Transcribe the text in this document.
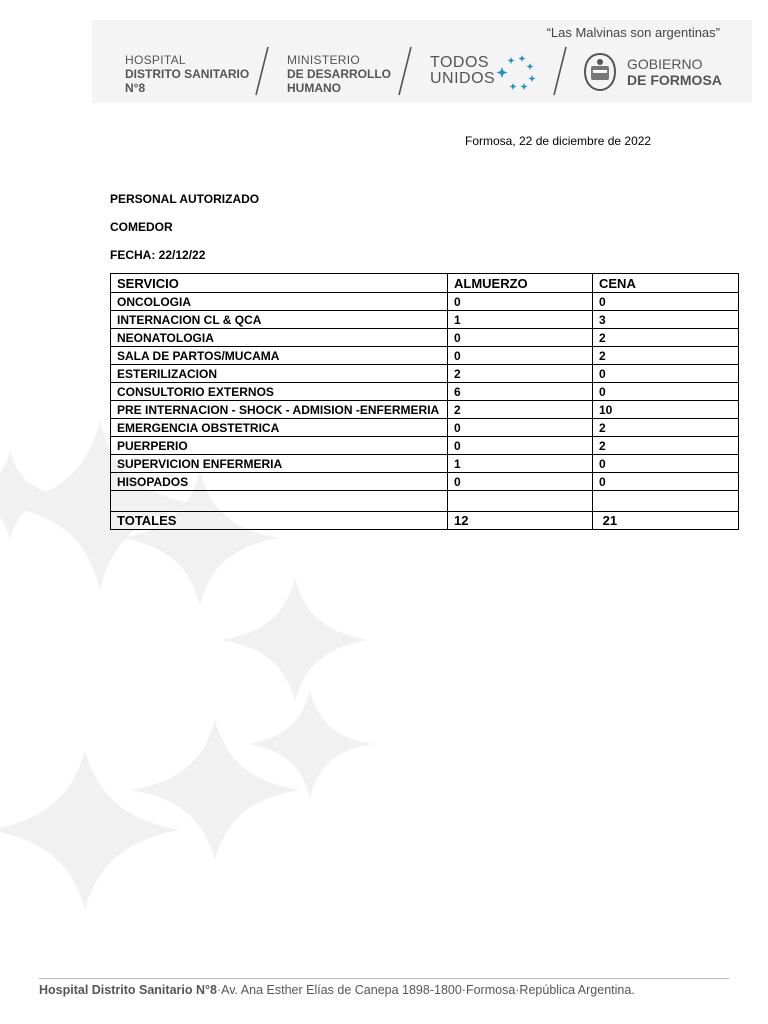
“Las Malvinas son argentinas”
HOSPITAL
DISTRITO SANITARIO
N°8
MINISTERIO
DE DESARROLLO
HUMANO
TODOS
UNIDOS
GOBIERNO
DE FORMOSA
Formosa, 22 de diciembre de 2022
PERSONAL AUTORIZADO
COMEDOR
FECHA: 22/12/22
SERVICIO	ALMUERZO	CENA
ONCOLOGIA	0	0
INTERNACION CL & QCA	1	3
NEONATOLOGIA	0	2
SALA DE PARTOS/MUCAMA	0	2
ESTERILIZACION	2	0
CONSULTORIO EXTERNOS	6	0
PRE INTERNACION - SHOCK - ADMISION -ENFERMERIA	2	10
EMERGENCIA OBSTETRICA	0	2
PUERPERIO	0	2
SUPERVICION ENFERMERIA	1	0
HISOPADOS	0	0

TOTALES	12	21
Hospital Distrito Sanitario N°8·Av. Ana Esther Elías de Canepa 1898-1800·Formosa·República Argentina.
